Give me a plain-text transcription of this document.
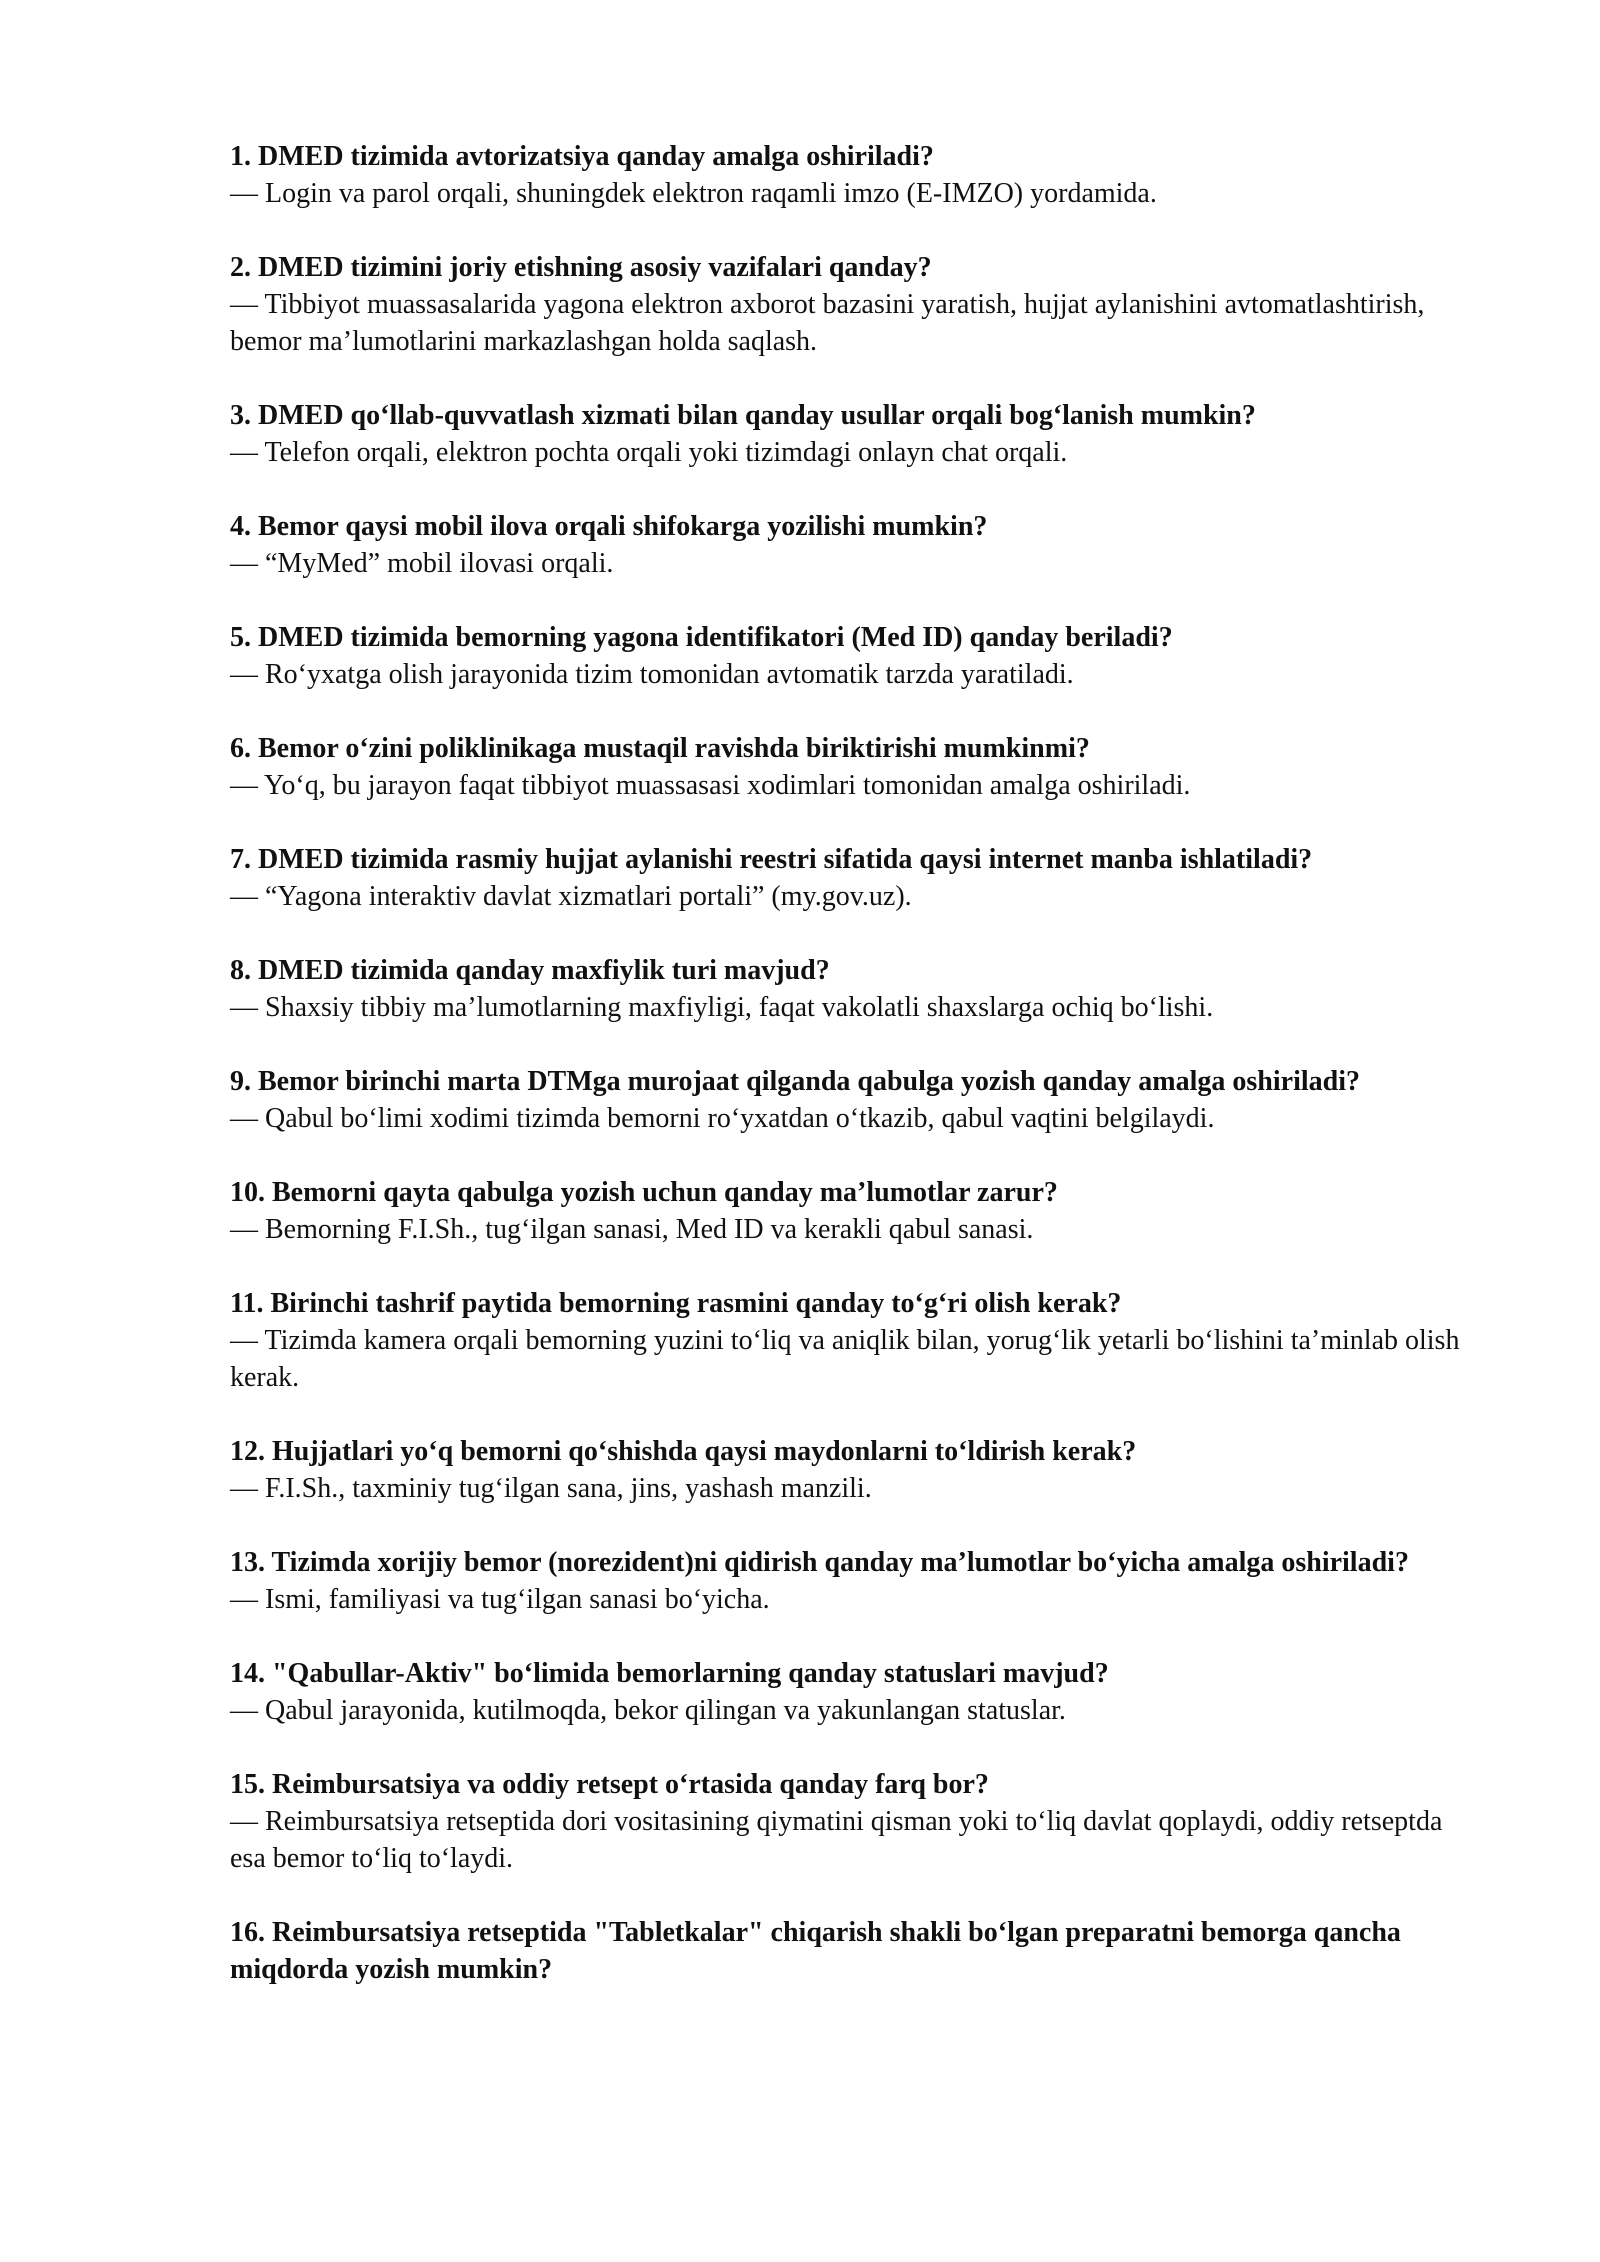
1. DMED tizimida avtorizatsiya qanday amalga oshiriladi?

— Login va parol orqali, shuningdek elektron raqamli imzo (E-IMZO) yordamida.

2. DMED tizimini joriy etishning asosiy vazifalari qanday?

— Tibbiyot muassasalarida yagona elektron axborot bazasini yaratish, hujjat aylanishini avtomatlashtirish, bemor ma’lumotlarini markazlashgan holda saqlash.

3. DMED qo‘llab-quvvatlash xizmati bilan qanday usullar orqali bog‘lanish mumkin?

— Telefon orqali, elektron pochta orqali yoki tizimdagi onlayn chat orqali.

4. Bemor qaysi mobil ilova orqali shifokarga yozilishi mumkin?

— “MyMed” mobil ilovasi orqali.

5. DMED tizimida bemorning yagona identifikatori (Med ID) qanday beriladi?

— Ro‘yxatga olish jarayonida tizim tomonidan avtomatik tarzda yaratiladi.

6. Bemor o‘zini poliklinikaga mustaqil ravishda biriktirishi mumkinmi?

— Yo‘q, bu jarayon faqat tibbiyot muassasasi xodimlari tomonidan amalga oshiriladi.

7. DMED tizimida rasmiy hujjat aylanishi reestri sifatida qaysi internet manba ishlatiladi?

— “Yagona interaktiv davlat xizmatlari portali” (my.gov.uz).

8. DMED tizimida qanday maxfiylik turi mavjud?

— Shaxsiy tibbiy ma’lumotlarning maxfiyligi, faqat vakolatli shaxslarga ochiq bo‘lishi.

9. Bemor birinchi marta DTMga murojaat qilganda qabulga yozish qanday amalga oshiriladi?

— Qabul bo‘limi xodimi tizimda bemorni ro‘yxatdan o‘tkazib, qabul vaqtini belgilaydi.

10. Bemorni qayta qabulga yozish uchun qanday ma’lumotlar zarur?

— Bemorning F.I.Sh., tug‘ilgan sanasi, Med ID va kerakli qabul sanasi.

11. Birinchi tashrif paytida bemorning rasmini qanday to‘g‘ri olish kerak?

— Tizimda kamera orqali bemorning yuzini to‘liq va aniqlik bilan, yorug‘lik yetarli bo‘lishini ta’minlab olish kerak.

12. Hujjatlari yo‘q bemorni qo‘shishda qaysi maydonlarni to‘ldirish kerak?

— F.I.Sh., taxminiy tug‘ilgan sana, jins, yashash manzili.

13. Tizimda xorijiy bemor (norezident)ni qidirish qanday ma’lumotlar bo‘yicha amalga oshiriladi?

— Ismi, familiyasi va tug‘ilgan sanasi bo‘yicha.

14. "Qabullar-Aktiv" bo‘limida bemorlarning qanday statuslari mavjud?

— Qabul jarayonida, kutilmoqda, bekor qilingan va yakunlangan statuslar.

15. Reimbursatsiya va oddiy retsept o‘rtasida qanday farq bor?

— Reimbursatsiya retseptida dori vositasining qiymatini qisman yoki to‘liq davlat qoplaydi, oddiy retseptda esa bemor to‘liq to‘laydi.

16. Reimbursatsiya retseptida "Tabletkalar" chiqarish shakli bo‘lgan preparatni bemorga qancha miqdorda yozish mumkin?
